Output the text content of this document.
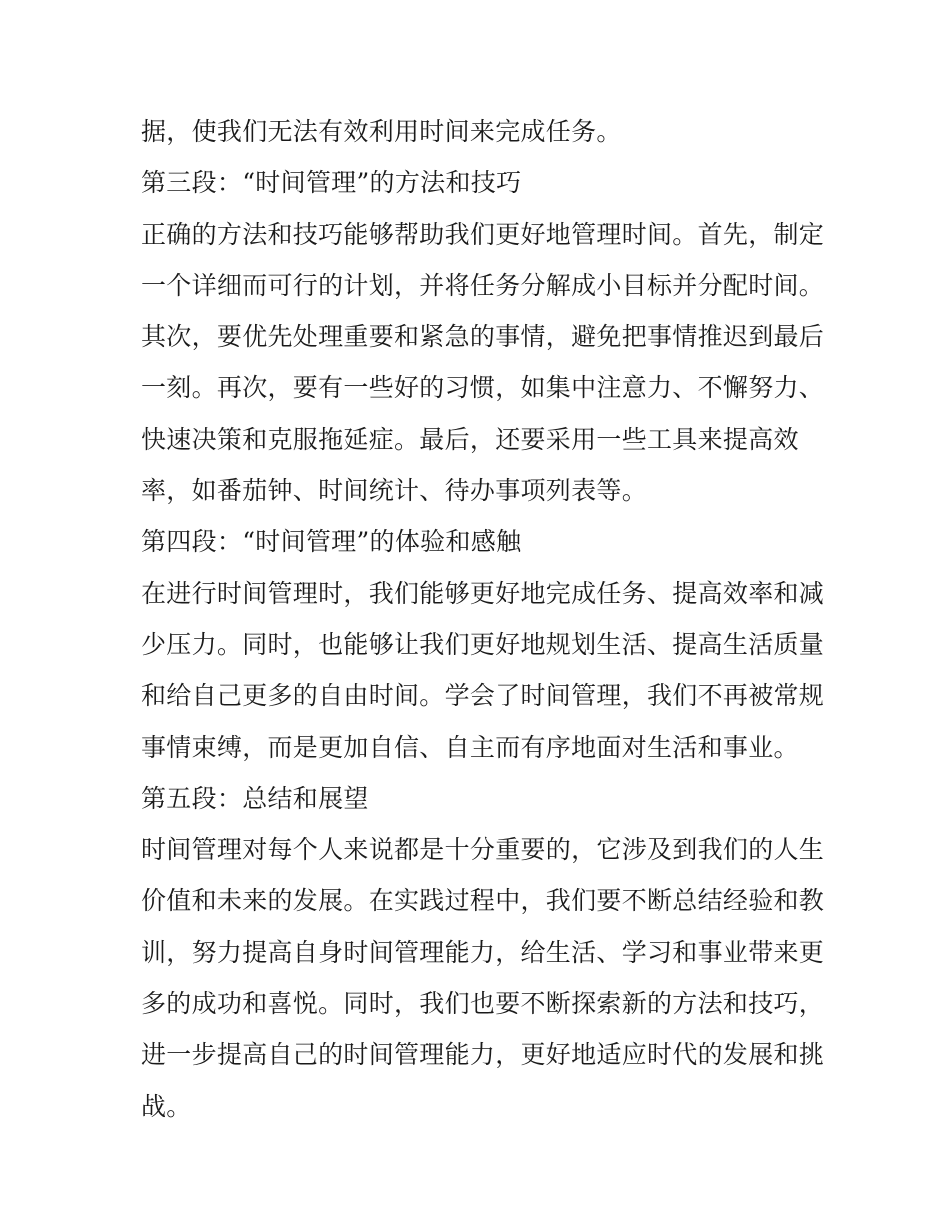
据，使我们无法有效利用时间来完成任务。
第三段：“时间管理”的方法和技巧
正确的方法和技巧能够帮助我们更好地管理时间。首先，制定
一个详细而可行的计划，并将任务分解成小目标并分配时间。
其次，要优先处理重要和紧急的事情，避免把事情推迟到最后
一刻。再次，要有一些好的习惯，如集中注意力、不懈努力、
快速决策和克服拖延症。最后，还要采用一些工具来提高效
率，如番茄钟、时间统计、待办事项列表等。
第四段：“时间管理”的体验和感触
在进行时间管理时，我们能够更好地完成任务、提高效率和减
少压力。同时，也能够让我们更好地规划生活、提高生活质量
和给自己更多的自由时间。学会了时间管理，我们不再被常规
事情束缚，而是更加自信、自主而有序地面对生活和事业。
第五段：总结和展望
时间管理对每个人来说都是十分重要的，它涉及到我们的人生
价值和未来的发展。在实践过程中，我们要不断总结经验和教
训，努力提高自身时间管理能力，给生活、学习和事业带来更
多的成功和喜悦。同时，我们也要不断探索新的方法和技巧，
进一步提高自己的时间管理能力，更好地适应时代的发展和挑
战。
